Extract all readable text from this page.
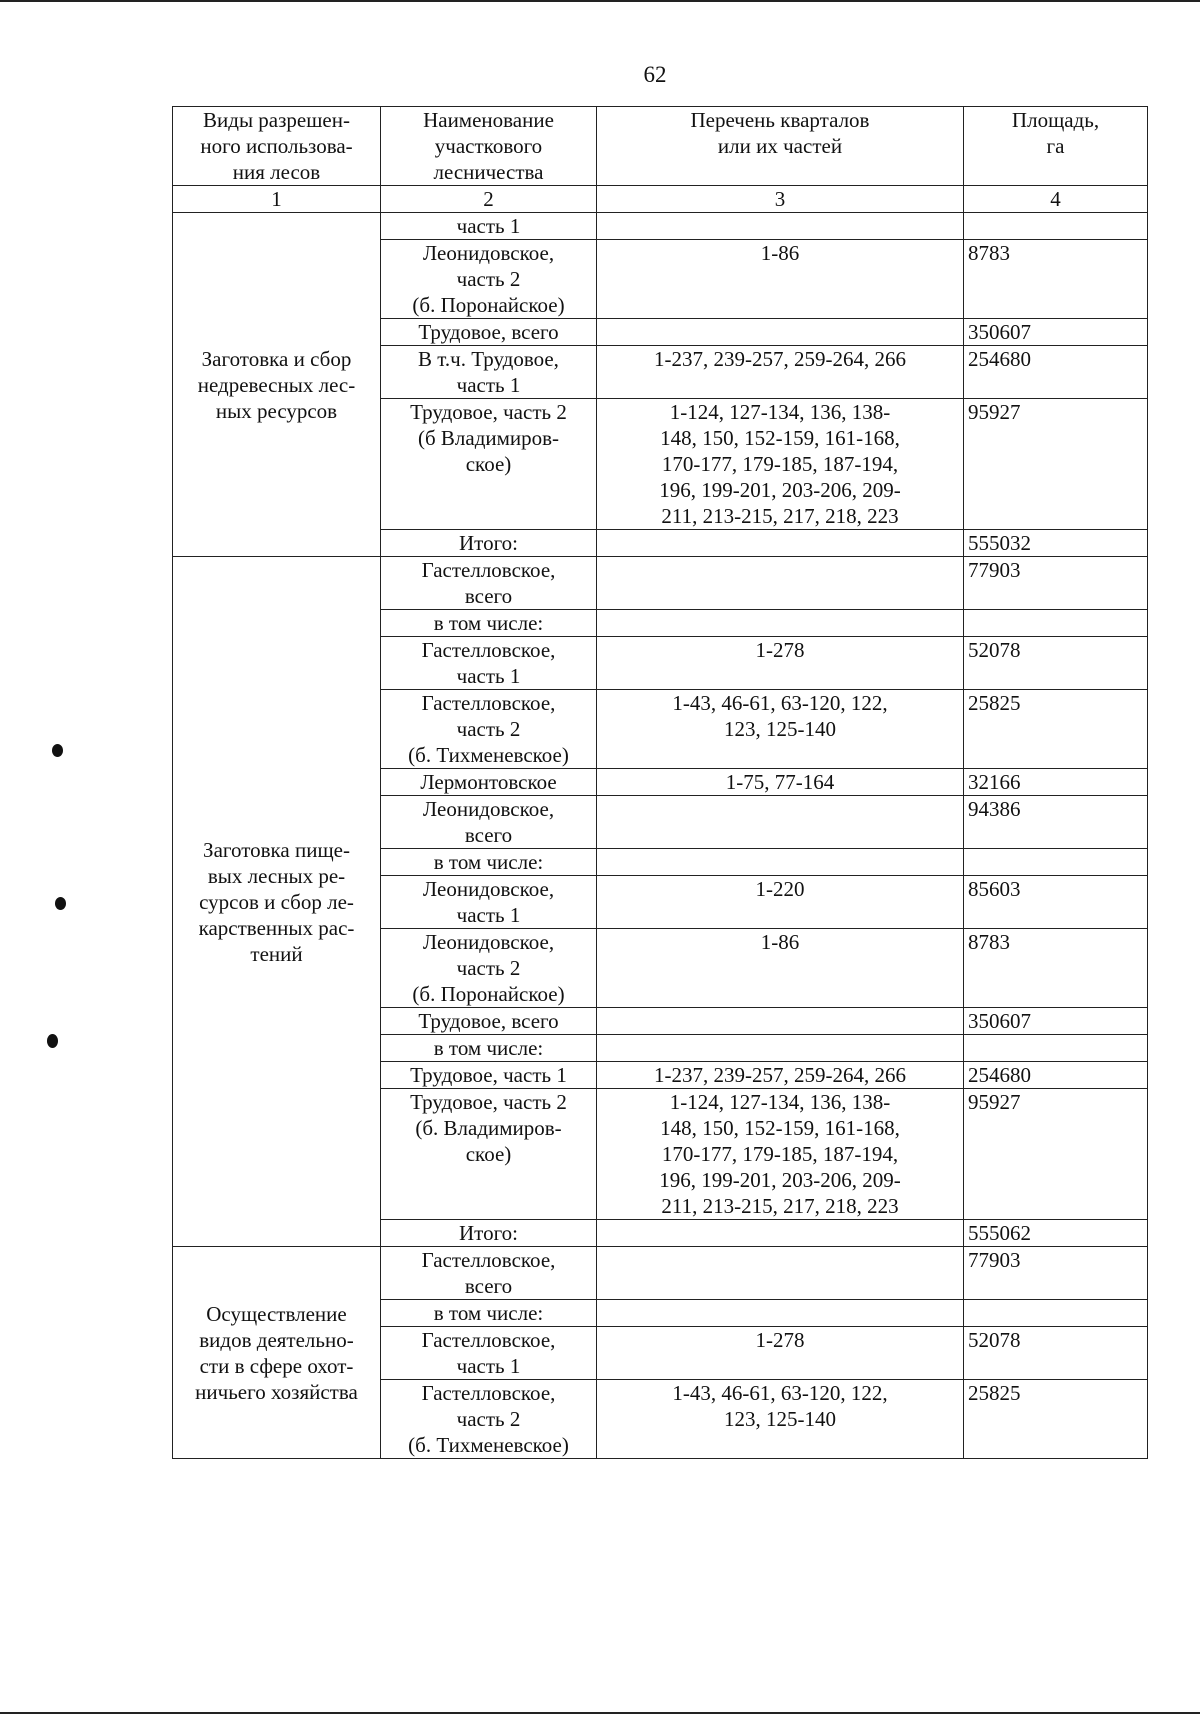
62
Виды разрешен-
ного использова-
ния лесов	Наименование
участкового
лесничества	Перечень кварталов
или их частей	Площадь,
га
1	2	3	4
Заготовка и сбор
недревесных лес-
ных ресурсов	часть 1		
	Леонидовское,
часть 2
(б. Поронайское)	1-86	8783
	Трудовое, всего		350607
	В т.ч. Трудовое,
часть 1	1-237, 239-257, 259-264, 266	254680
	Трудовое, часть 2
(б Владимиров-
ское)	1-124, 127-134, 136, 138-
148, 150, 152-159, 161-168,
170-177, 179-185, 187-194,
196, 199-201, 203-206, 209-
211, 213-215, 217, 218, 223	95927
	Итого:		555032
Заготовка пище-
вых лесных ре-
сурсов и сбор ле-
карственных рас-
тений	Гастелловское,
всего		77903
	в том числе:		
	Гастелловское,
часть 1	1-278	52078
	Гастелловское,
часть 2
(б. Тихменевское)	1-43, 46-61, 63-120, 122,
123, 125-140	25825
	Лермонтовское	1-75, 77-164	32166
	Леонидовское,
всего		94386
	в том числе:		
	Леонидовское,
часть 1	1-220	85603
	Леонидовское,
часть 2
(б. Поронайское)	1-86	8783
	Трудовое, всего		350607
	в том числе:		
	Трудовое, часть 1	1-237, 239-257, 259-264, 266	254680
	Трудовое, часть 2
(б. Владимиров-
ское)	1-124, 127-134, 136, 138-
148, 150, 152-159, 161-168,
170-177, 179-185, 187-194,
196, 199-201, 203-206, 209-
211, 213-215, 217, 218, 223	95927
	Итого:		555062
Осуществление
видов деятельно-
сти в сфере охот-
ничьего хозяйства	Гастелловское,
всего		77903
	в том числе:		
	Гастелловское,
часть 1	1-278	52078
	Гастелловское,
часть 2
(б. Тихменевское)	1-43, 46-61, 63-120, 122,
123, 125-140	25825
